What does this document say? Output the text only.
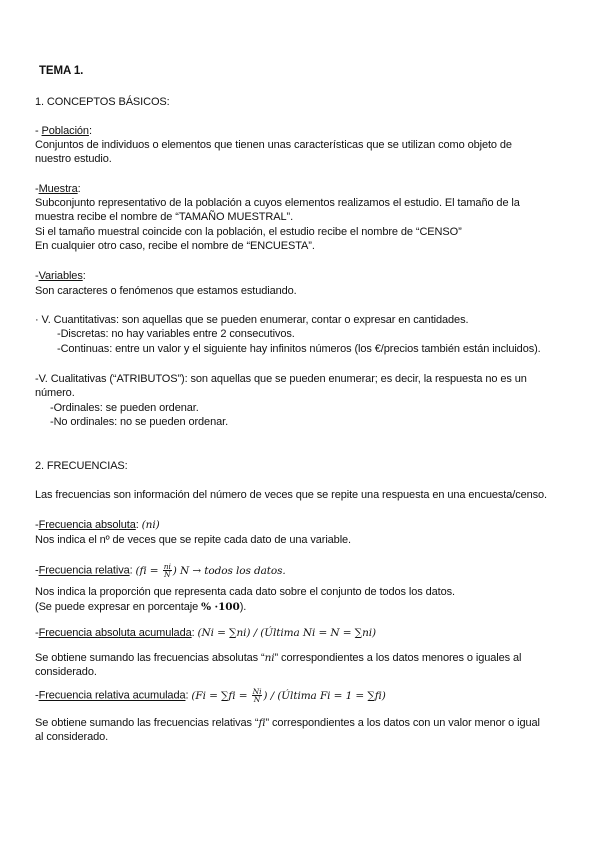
TEMA 1.
1. CONCEPTOS BÁSICOS:
- Población:
Conjuntos de individuos o elementos que tienen unas características que se utilizan como objeto de
nuestro estudio.
-Muestra:
Subconjunto representativo de la población a cuyos elementos realizamos el estudio. El tamaño de la
muestra recibe el nombre de “TAMAÑO MUESTRAL”.
Si el tamaño muestral coincide con la población, el estudio recibe el nombre de “CENSO”
En cualquier otro caso, recibe el nombre de “ENCUESTA”.
-Variables:
Son caracteres o fenómenos que estamos estudiando.
· V. Cuantitativas: son aquellas que se pueden enumerar, contar o expresar en cantidades.
-Discretas: no hay variables entre 2 consecutivos.
-Continuas: entre un valor y el siguiente hay infinitos números (los €/precios también están incluidos).
-V. Cualitativas (“ATRIBUTOS”): son aquellas que se pueden enumerar; es decir, la respuesta no es un
número.
-Ordinales: se pueden ordenar.
-No ordinales: no se pueden ordenar.
2. FRECUENCIAS:
Las frecuencias son información del número de veces que se repite una respuesta en una encuesta/censo.
-Frecuencia absoluta: (ni)
Nos indica el nº de veces que se repite cada dato de una variable.
-Frecuencia relativa: ($fi = \frac{ni}{N}$ ) N → todos los datos.
Nos indica la proporción que representa cada dato sobre el conjunto de todos los datos.
(Se puede expresar en porcentaje % ·100).
-Frecuencia absoluta acumulada: (Ni = ∑ni) / (Última Ni = N = ∑ni)
Se obtiene sumando las frecuencias absolutas “ni” correspondientes a los datos menores o iguales al
considerado.
-Frecuencia relativa acumulada: ($Fi = \sum fi = \frac{Ni}{N}$ ) / (Última Fi = 1 = ∑fi)
Se obtiene sumando las frecuencias relativas “fi” correspondientes a los datos con un valor menor o igual
al considerado.
